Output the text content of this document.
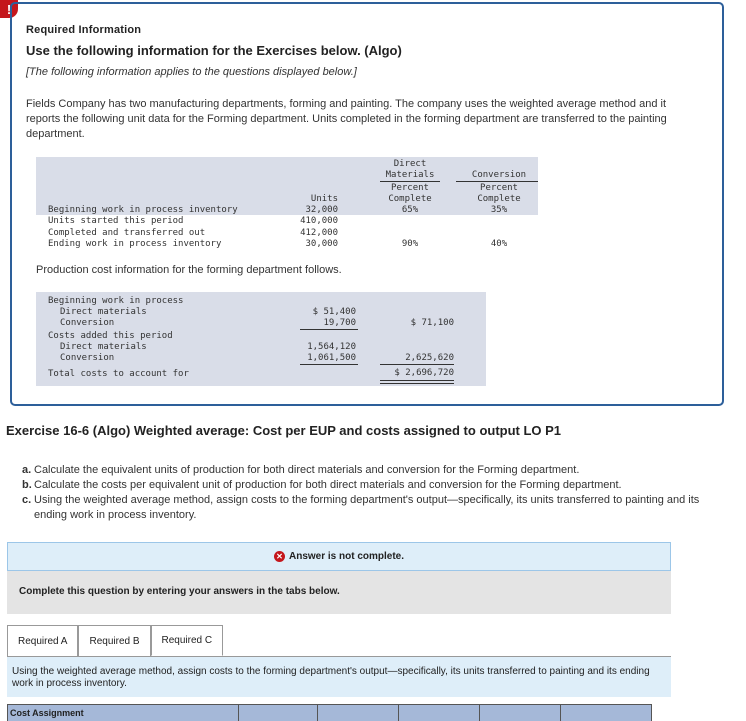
!
Required Information
Use the following information for the Exercises below. (Algo)
[The following information applies to the questions displayed below.]
Fields Company has two manufacturing departments, forming and painting. The company uses the weighted average method and it reports the following unit data for the Forming department. Units completed in the forming department are transferred to the painting department.
Direct
Materials
Percent
Complete
Conversion
Percent
Complete
Units
Beginning work in process inventory	32,000	65%	35%
Units started this period	410,000
Completed and transferred out	412,000
Ending work in process inventory	30,000	90%	40%
Production cost information for the forming department follows.
Beginning work in process
Direct materials	$ 51,400
Conversion	19,700	$ 71,100
Costs added this period
Direct materials	1,564,120
Conversion	1,061,500	2,625,620
Total costs to account for	$ 2,696,720
Exercise 16-6 (Algo) Weighted average: Cost per EUP and costs assigned to output LO P1
a. Calculate the equivalent units of production for both direct materials and conversion for the Forming department.
b. Calculate the costs per equivalent unit of production for both direct materials and conversion for the Forming department.
c. Using the weighted average method, assign costs to the forming department's output—specifically, its units transferred to painting and its ending work in process inventory.
✕ Answer is not complete.
Complete this question by entering your answers in the tabs below.
Required A	Required B	Required C
Using the weighted average method, assign costs to the forming department's output—specifically, its units transferred to painting and its ending work in process inventory.
Cost Assignment
